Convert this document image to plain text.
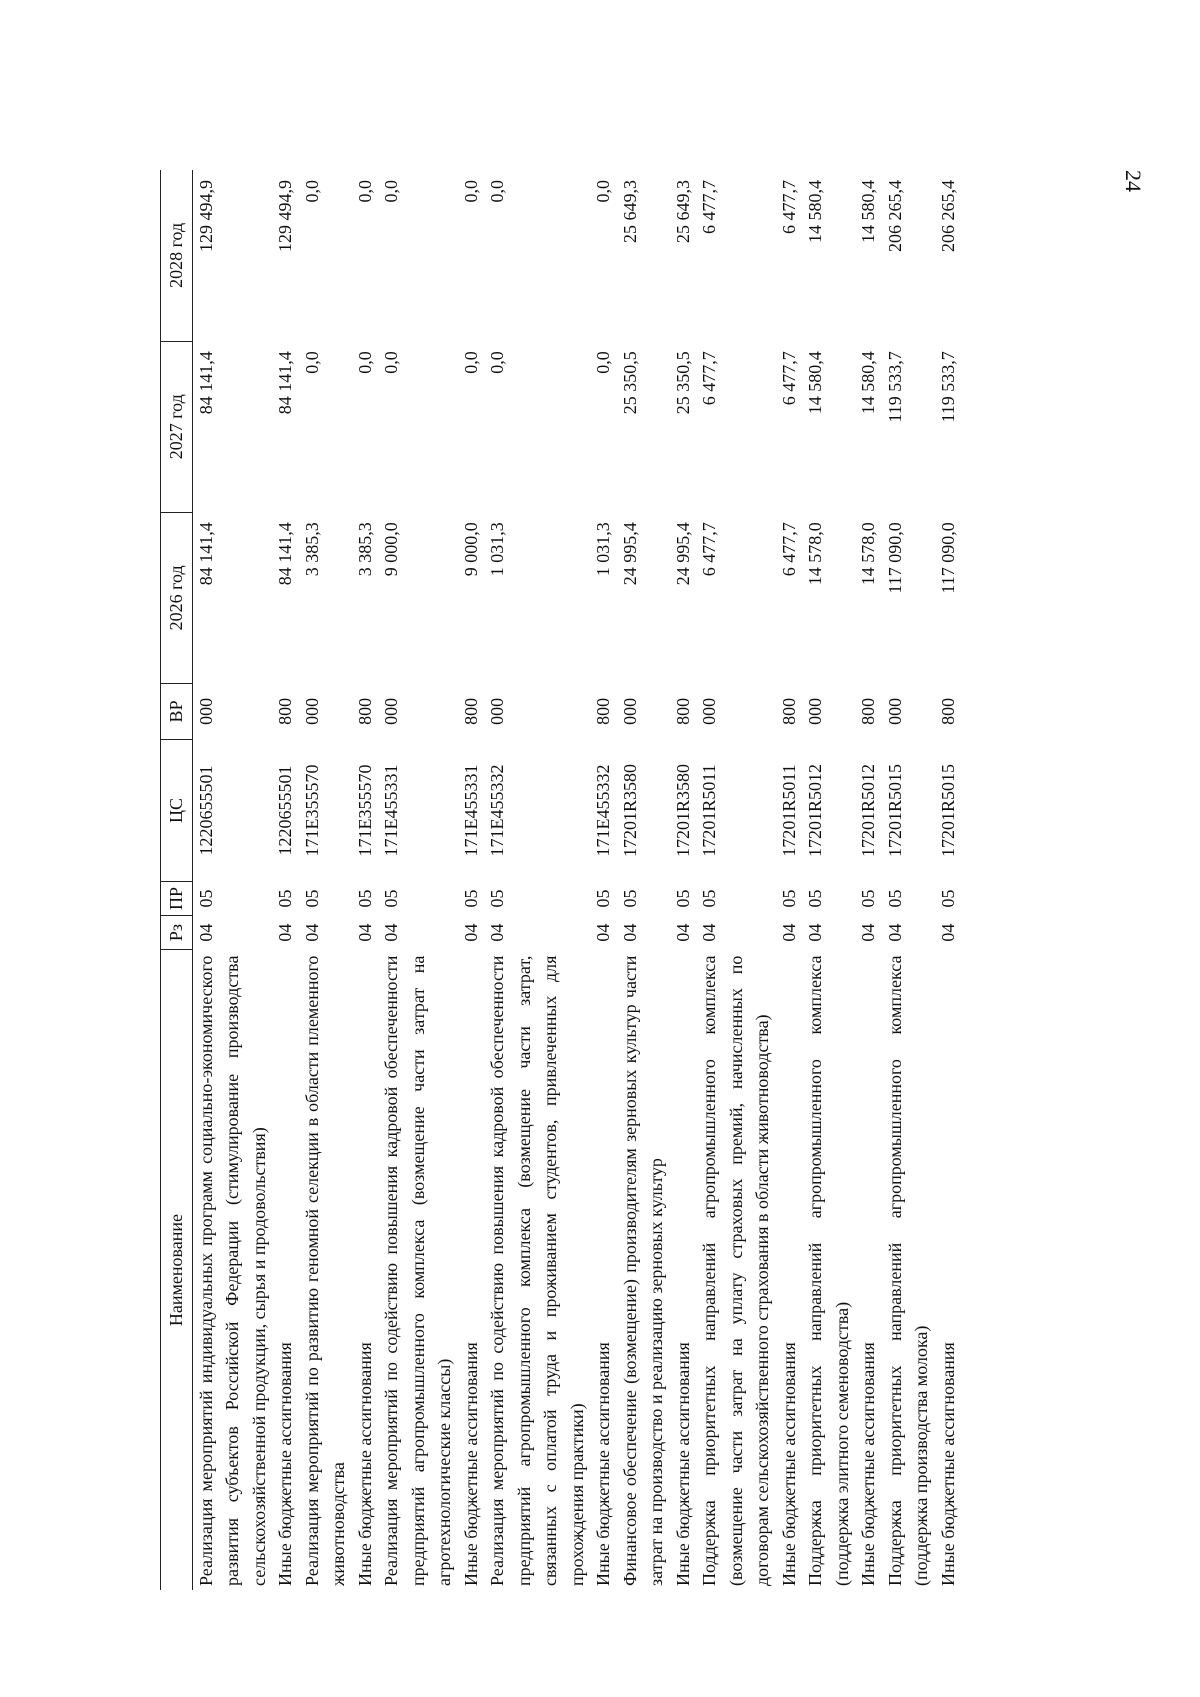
24
Наименование	Рз	ПР	ЦС	ВР	2026 год	2027 год	2028 год
Реализация мероприятий индивидуальных программ социально-экономического развития субъектов Российской Федерации (стимулирование производства сельскохозяйственной продукции, сырья и продовольствия)	04	05	1220655501	000	84 141,4	84 141,4	129 494,9
Иные бюджетные ассигнования	04	05	1220655501	800	84 141,4	84 141,4	129 494,9
Реализация мероприятий по развитию геномной селекции в области племенного животноводства	04	05	171E355570	000	3 385,3	0,0	0,0
Иные бюджетные ассигнования	04	05	171E355570	800	3 385,3	0,0	0,0
Реализация мероприятий по содействию повышения кадровой обеспеченности предприятий агропромышленного комплекса (возмещение части затрат на агротехнологические классы)	04	05	171E455331	000	9 000,0	0,0	0,0
Иные бюджетные ассигнования	04	05	171E455331	800	9 000,0	0,0	0,0
Реализация мероприятий по содействию повышения кадровой обеспеченности предприятий агропромышленного комплекса (возмещение части затрат, связанных с оплатой труда и проживанием студентов, привлеченных для прохождения практики)	04	05	171E455332	000	1 031,3	0,0	0,0
Иные бюджетные ассигнования	04	05	171E455332	800	1 031,3	0,0	0,0
Финансовое обеспечение (возмещение) производителям зерновых культур части затрат на производство и реализацию зерновых культур	04	05	17201R3580	000	24 995,4	25 350,5	25 649,3
Иные бюджетные ассигнования	04	05	17201R3580	800	24 995,4	25 350,5	25 649,3
Поддержка приоритетных направлений агропромышленного комплекса (возмещение части затрат на уплату страховых премий, начисленных по договорам сельскохозяйственного страхования в области животноводства)	04	05	17201R5011	000	6 477,7	6 477,7	6 477,7
Иные бюджетные ассигнования	04	05	17201R5011	800	6 477,7	6 477,7	6 477,7
Поддержка приоритетных направлений агропромышленного комплекса (поддержка элитного семеноводства)	04	05	17201R5012	000	14 578,0	14 580,4	14 580,4
Иные бюджетные ассигнования	04	05	17201R5012	800	14 578,0	14 580,4	14 580,4
Поддержка приоритетных направлений агропромышленного комплекса (поддержка производства молока)	04	05	17201R5015	000	117 090,0	119 533,7	206 265,4
Иные бюджетные ассигнования	04	05	17201R5015	800	117 090,0	119 533,7	206 265,4
